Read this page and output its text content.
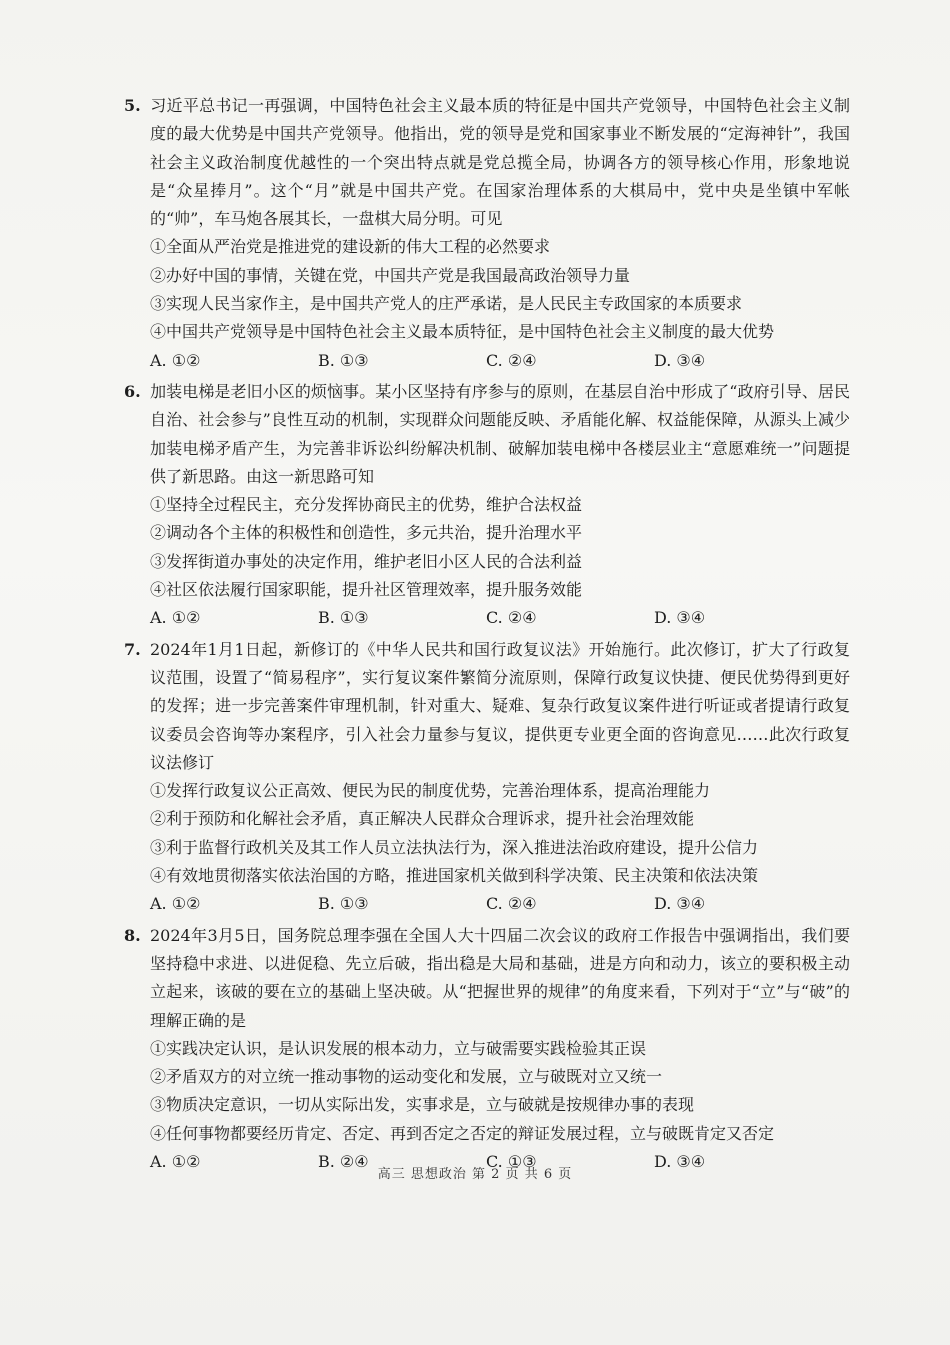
5. 习近平总书记一再强调，中国特色社会主义最本质的特征是中国共产党领导，中国特色社会主义制度的最大优势是中国共产党领导。他指出，党的领导是党和国家事业不断发展的“定海神针”，我国社会主义政治制度优越性的一个突出特点就是党总揽全局，协调各方的领导核心作用，形象地说是“众星捧月”。这个“月”就是中国共产党。在国家治理体系的大棋局中，党中央是坐镇中军帐的“帅”，车马炮各展其长，一盘棋大局分明。可见

①全面从严治党是推进党的建设新的伟大工程的必然要求

②办好中国的事情，关键在党，中国共产党是我国最高政治领导力量

③实现人民当家作主，是中国共产党人的庄严承诺，是人民民主专政国家的本质要求

④中国共产党领导是中国特色社会主义最本质特征，是中国特色社会主义制度的最大优势

A. ①②	B. ①③	C. ②④	D. ③④

6. 加装电梯是老旧小区的烦恼事。某小区坚持有序参与的原则，在基层自治中形成了“政府引导、居民自治、社会参与”良性互动的机制，实现群众问题能反映、矛盾能化解、权益能保障，从源头上减少加装电梯矛盾产生，为完善非诉讼纠纷解决机制、破解加装电梯中各楼层业主“意愿难统一”问题提供了新思路。由这一新思路可知

①坚持全过程民主，充分发挥协商民主的优势，维护合法权益

②调动各个主体的积极性和创造性，多元共治，提升治理水平

③发挥街道办事处的决定作用，维护老旧小区人民的合法利益

④社区依法履行国家职能，提升社区管理效率，提升服务效能

A. ①②	B. ①③	C. ②④	D. ③④

7. 2024年1月1日起，新修订的《中华人民共和国行政复议法》开始施行。此次修订，扩大了行政复议范围，设置了“简易程序”，实行复议案件繁简分流原则，保障行政复议快捷、便民优势得到更好的发挥；进一步完善案件审理机制，针对重大、疑难、复杂行政复议案件进行听证或者提请行政复议委员会咨询等办案程序，引入社会力量参与复议，提供更专业更全面的咨询意见……此次行政复议法修订

①发挥行政复议公正高效、便民为民的制度优势，完善治理体系，提高治理能力

②利于预防和化解社会矛盾，真正解决人民群众合理诉求，提升社会治理效能

③利于监督行政机关及其工作人员立法执法行为，深入推进法治政府建设，提升公信力

④有效地贯彻落实依法治国的方略，推进国家机关做到科学决策、民主决策和依法决策

A. ①②	B. ①③	C. ②④	D. ③④

8. 2024年3月5日，国务院总理李强在全国人大十四届二次会议的政府工作报告中强调指出，我们要坚持稳中求进、以进促稳、先立后破，指出稳是大局和基础，进是方向和动力，该立的要积极主动立起来，该破的要在立的基础上坚决破。从“把握世界的规律”的角度来看，下列对于“立”与“破”的理解正确的是

①实践决定认识，是认识发展的根本动力，立与破需要实践检验其正误

②矛盾双方的对立统一推动事物的运动变化和发展，立与破既对立又统一

③物质决定意识，一切从实际出发，实事求是，立与破就是按规律办事的表现

④任何事物都要经历肯定、否定、再到否定之否定的辩证发展过程，立与破既肯定又否定

A. ①②	B. ②④	C. ①③	D. ③④
高三 思想政治 第 2 页 共 6 页
